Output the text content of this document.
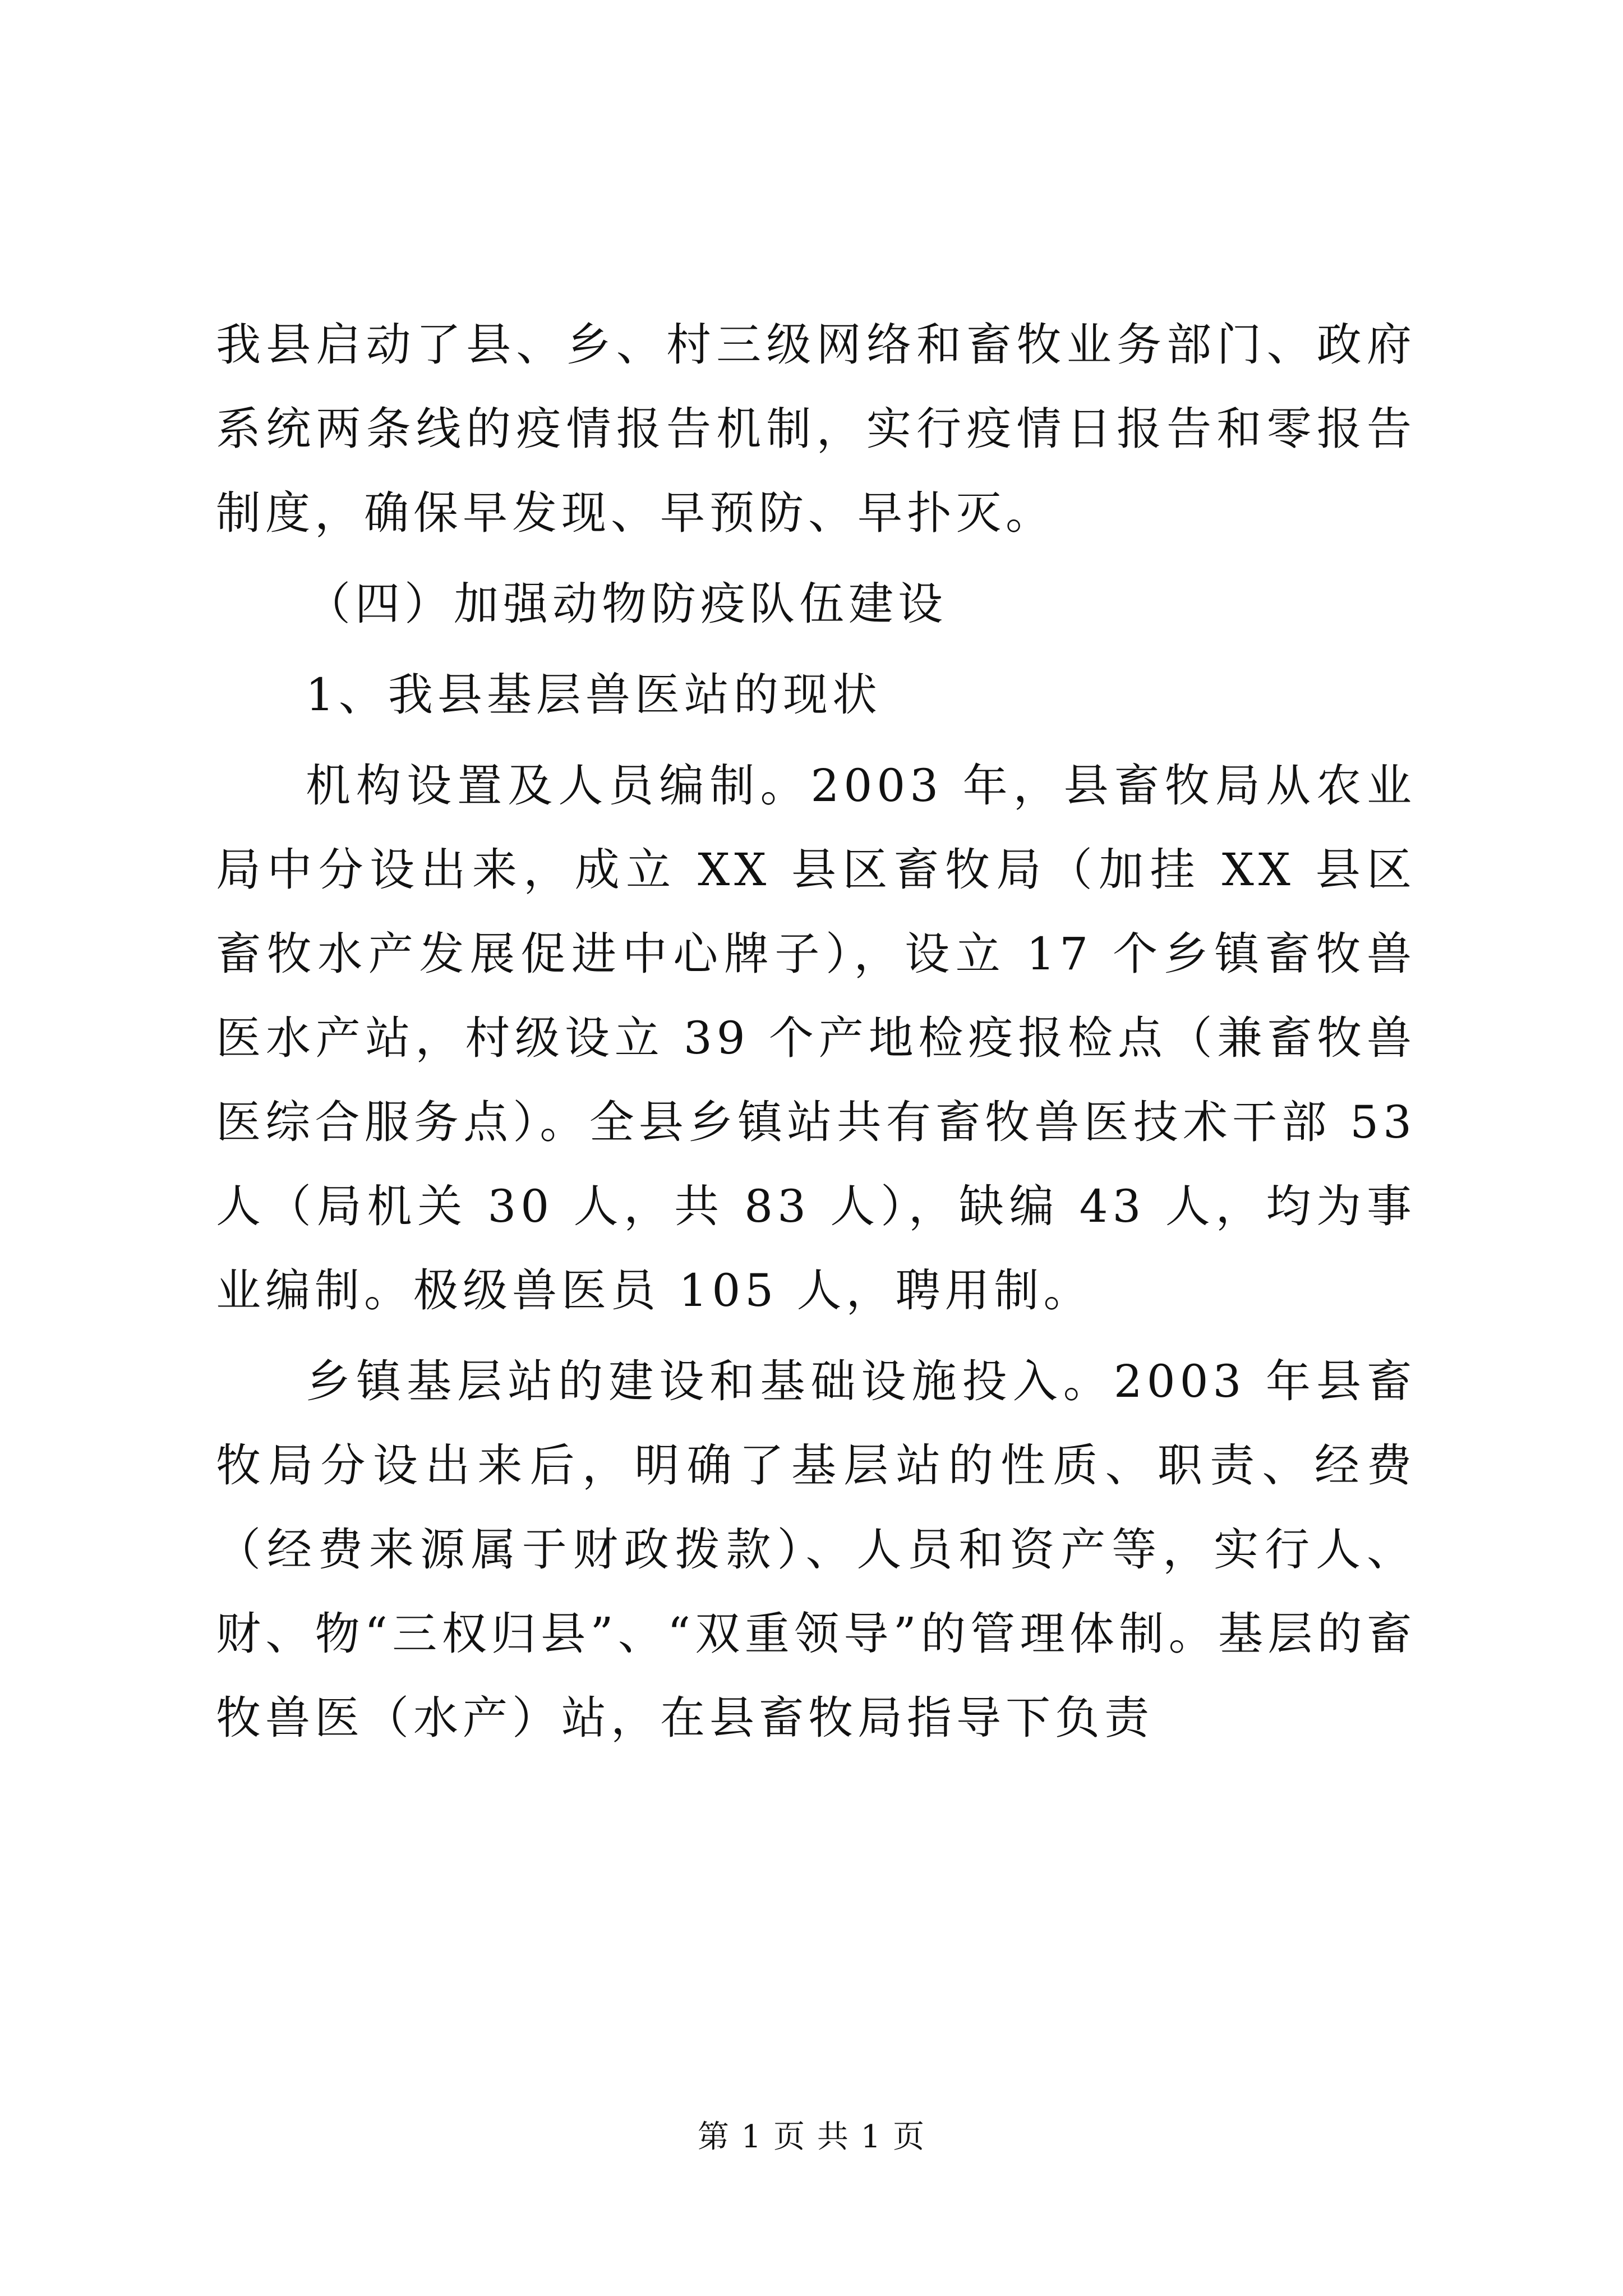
我县启动了县、乡、村三级网络和畜牧业务部门、政府系统两条线的疫情报告机制，实行疫情日报告和零报告制度，确保早发现、早预防、早扑灭。

（四）加强动物防疫队伍建设

1、我县基层兽医站的现状

机构设置及人员编制。2003 年，县畜牧局从农业局中分设出来，成立 XX 县区畜牧局（加挂 XX 县区畜牧水产发展促进中心牌子），设立 17 个乡镇畜牧兽医水产站，村级设立 39 个产地检疫报检点（兼畜牧兽医综合服务点）。全县乡镇站共有畜牧兽医技术干部 53 人（局机关 30 人，共 83 人），缺编 43 人，均为事业编制。极级兽医员 105 人，聘用制。

乡镇基层站的建设和基础设施投入。2003 年县畜牧局分设出来后，明确了基层站的性质、职责、经费（经费来源属于财政拨款）、人员和资产等，实行人、财、物“三权归县”、“双重领导”的管理体制。基层的畜牧兽医（水产）站，在县畜牧局指导下负责

第 1 页 共 1 页
